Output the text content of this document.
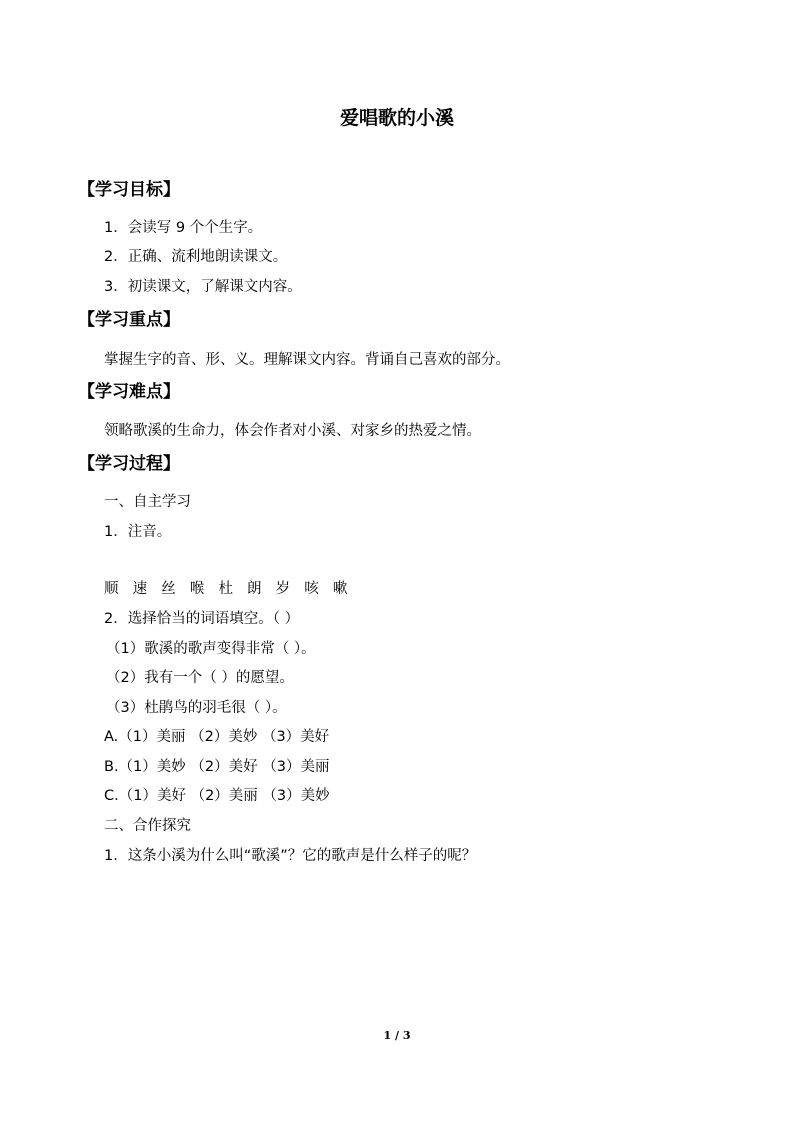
爱唱歌的小溪
【学习目标】
1．会读写 9 个个生字。
2．正确、流利地朗读课文。
3．初读课文，了解课文内容。
【学习重点】
掌握生字的音、形、义。理解课文内容。背诵自己喜欢的部分。
【学习难点】
领略歌溪的生命力，体会作者对小溪、对家乡的热爱之情。
【学习过程】
一、自主学习
1．注音。
顺 速 丝 喉 杜 朗 岁 咳 嗽
2．选择恰当的词语填空。（ ）
（1）歌溪的歌声变得非常（ ）。
（2）我有一个（ ）的愿望。
（3）杜鹃鸟的羽毛很（ ）。
A.（1）美丽 （2）美妙 （3）美好
B.（1）美妙 （2）美好 （3）美丽
C.（1）美好 （2）美丽 （3）美妙
二、合作探究
1．这条小溪为什么叫“歌溪”？它的歌声是什么样子的呢？
1 / 3
